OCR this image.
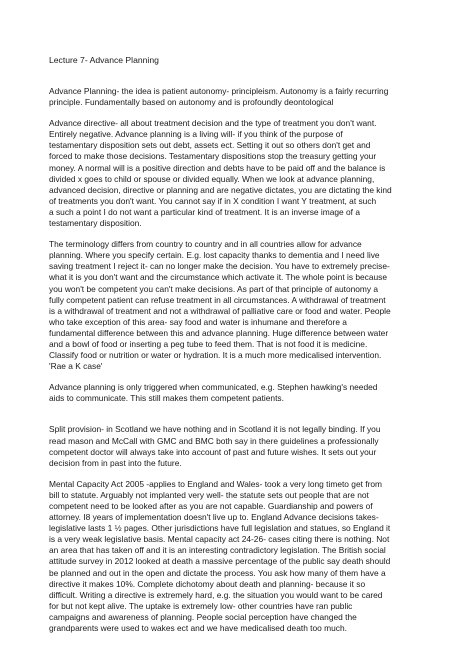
Lecture 7- Advance Planning
Advance Planning- the idea is patient autonomy- principleism. Autonomy is a fairly recurring
principle. Fundamentally based on autonomy and is profoundly deontological
Advance directive- all about treatment decision and the type of treatment you don't want.
Entirely negative. Advance planning is a living will- if you think of the purpose of
testamentary disposition sets out debt, assets ect. Setting it out so others don't get and
forced to make those decisions. Testamentary dispositions stop the treasury getting your
money. A normal will is a positive direction and debts have to be paid off and the balance is
divided x goes to child or spouse or divided equally. When we look at advance planning,
advanced decision, directive or planning and are negative dictates, you are dictating the kind
of treatments you don't want. You cannot say if in X condition I want Y treatment, at such
a such a point I do not want a particular kind of treatment. It is an inverse image of a
testamentary disposition.
The terminology differs from country to country and in all countries allow for advance
planning. Where you specify certain. E.g. lost capacity thanks to dementia and I need live
saving treatment I reject it- can no longer make the decision. You have to extremely precise-
what it is you don't want and the circumstance which activate it. The whole point is because
you won't be competent you can't make decisions. As part of that principle of autonomy a
fully competent patient can refuse treatment in all circumstances. A withdrawal of treatment
is a withdrawal of treatment and not a withdrawal of palliative care or food and water. People
who take exception of this area- say food and water is inhumane and therefore a
fundamental difference between this and advance planning. Huge difference between water
and a bowl of food or inserting a peg tube to feed them. That is not food it is medicine.
Classify food or nutrition or water or hydration. It is a much more medicalised intervention.
'Rae a K case'
Advance planning is only triggered when communicated, e.g. Stephen hawking's needed
aids to communicate. This still makes them competent patients.
Split provision- in Scotland we have nothing and in Scotland it is not legally binding. If you
read mason and McCall with GMC and BMC both say in there guidelines a professionally
competent doctor will always take into account of past and future wishes. It sets out your
decision from in past into the future.
Mental Capacity Act 2005 -applies to England and Wales- took a very long timeto get from
bill to statute. Arguably not implanted very well- the statute sets out people that are not
competent need to be looked after as you are not capable. Guardianship and powers of
attorney. I8 years of implementation doesn't live up to. England Advance decisions takes-
legislative lasts 1 ½ pages. Other jurisdictions have full legislation and statues, so England it
is a very weak legislative basis. Mental capacity act 24-26- cases citing there is nothing. Not
an area that has taken off and it is an interesting contradictory legislation. The British social
attitude survey in 2012 looked at death a massive percentage of the public say death should
be planned and out in the open and dictate the process. You ask how many of them have a
directive it makes 10%. Complete dichotomy about death and planning- because it so
difficult. Writing a directive is extremely hard, e.g. the situation you would want to be cared
for but not kept alive. The uptake is extremely low- other countries have ran public
campaigns and awareness of planning. People social perception have changed the
grandparents were used to wakes ect and we have medicalised death too much.
